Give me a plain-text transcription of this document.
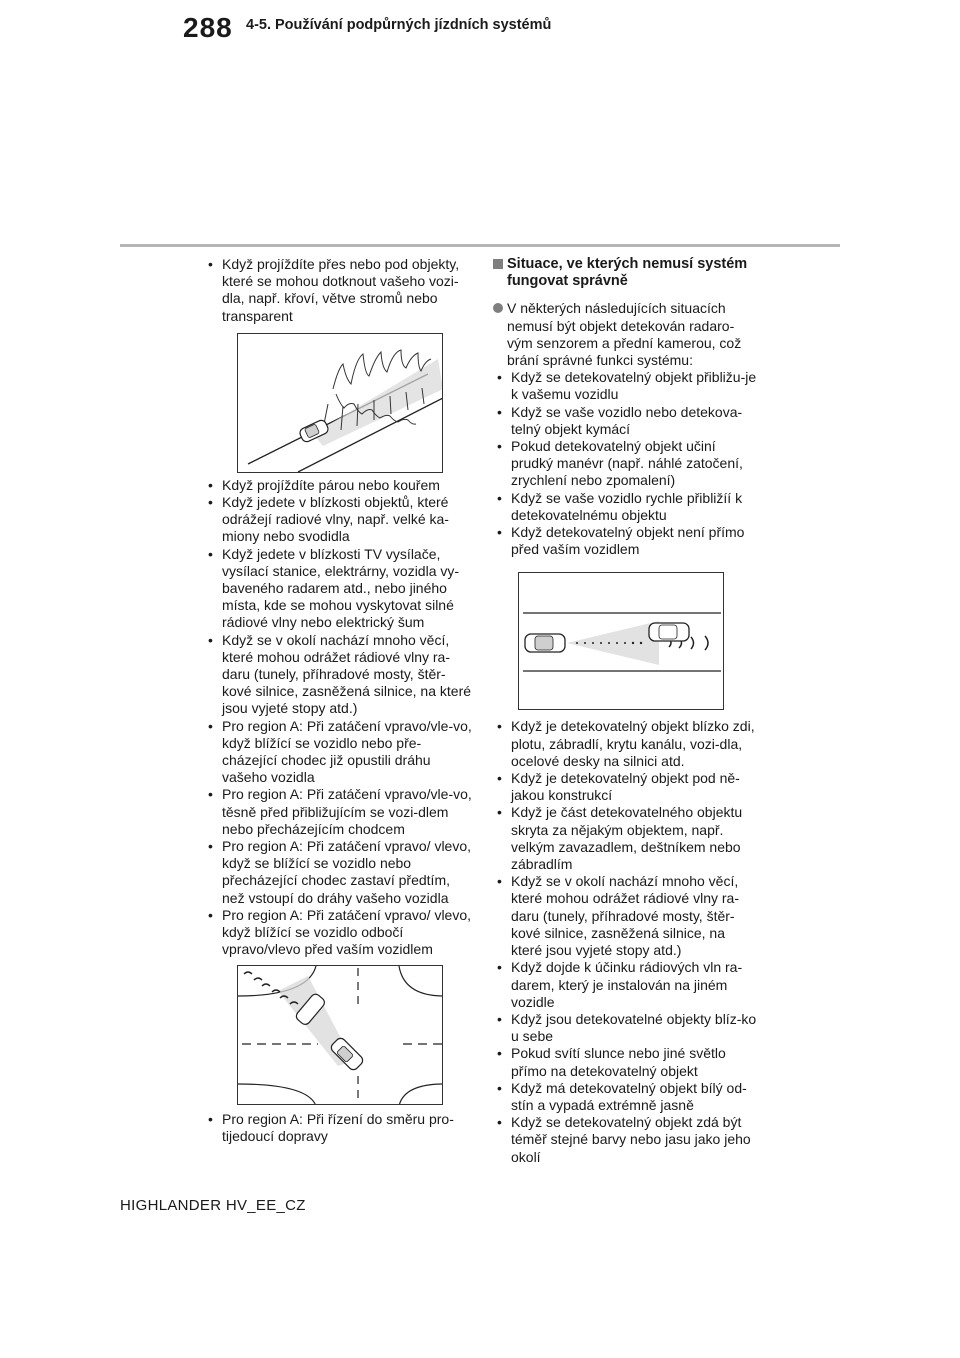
288 4-5. Používání podpůrných jízdních systémů
• Když projíždíte přes nebo pod objekty, které se mohou dotknout vašeho vozi-dla, např. křoví, větve stromů nebo transparent
• Když projíždíte párou nebo kouřem
• Když jedete v blízkosti objektů, které odrážejí radiové vlny, např. velké ka-miony nebo svodidla
• Když jedete v blízkosti TV vysílače, vysílací stanice, elektrárny, vozidla vy-baveného radarem atd., nebo jiného místa, kde se mohou vyskytovat silné rádiové vlny nebo elektrický šum
• Když se v okolí nachází mnoho věcí, které mohou odrážet rádiové vlny ra-daru (tunely, příhradové mosty, štěr-kové silnice, zasněžená silnice, na které jsou vyjeté stopy atd.)
• Pro region A: Při zatáčení vpravo/vle-vo, když blížící se vozidlo nebo pře-cházející chodec již opustili dráhu vašeho vozidla
• Pro region A: Při zatáčení vpravo/vle-vo, těsně před přibližujícím se vozi-dlem nebo přecházejícím chodcem
• Pro region A: Při zatáčení vpravo/ vlevo, když se blížící se vozidlo nebo přecházející chodec zastaví předtím, než vstoupí do dráhy vašeho vozidla
• Pro region A: Při zatáčení vpravo/ vlevo, když blížící se vozidlo odbočí vpravo/vlevo před vaším vozidlem
• Pro region A: Při řízení do směru pro-tijedoucí dopravy
Situace, ve kterých nemusí systém fungovat správně
V některých následujících situacích nemusí být objekt detekován radaro-vým senzorem a přední kamerou, což brání správné funkci systému:
• Když se detekovatelný objekt přibližu-je k vašemu vozidlu
• Když se vaše vozidlo nebo detekova-telný objekt kymácí
• Pokud detekovatelný objekt učiní prudký manévr (např. náhlé zatočení, zrychlení nebo zpomalení)
• Když se vaše vozidlo rychle přibližíí k detekovatelnému objektu
• Když detekovatelný objekt není přímo před vaším vozidlem
• Když je detekovatelný objekt blízko zdi, plotu, zábradlí, krytu kanálu, vozi-dla, ocelové desky na silnici atd.
• Když je detekovatelný objekt pod ně-jakou konstrukcí
• Když je část detekovatelného objektu skryta za nějakým objektem, např. velkým zavazadlem, deštníkem nebo zábradlím
• Když se v okolí nachází mnoho věcí, které mohou odrážet rádiové vlny ra-daru (tunely, příhradové mosty, štěr-kové silnice, zasněžená silnice, na které jsou vyjeté stopy atd.)
• Když dojde k účinku rádiových vln ra-darem, který je instalován na jiném vozidle
• Když jsou detekovatelné objekty blíz-ko u sebe
• Pokud svítí slunce nebo jiné světlo přímo na detekovatelný objekt
• Když má detekovatelný objekt bílý od-stín a vypadá extrémně jasně
• Když se detekovatelný objekt zdá být téměř stejné barvy nebo jasu jako jeho okolí
HIGHLANDER HV_EE_CZ
